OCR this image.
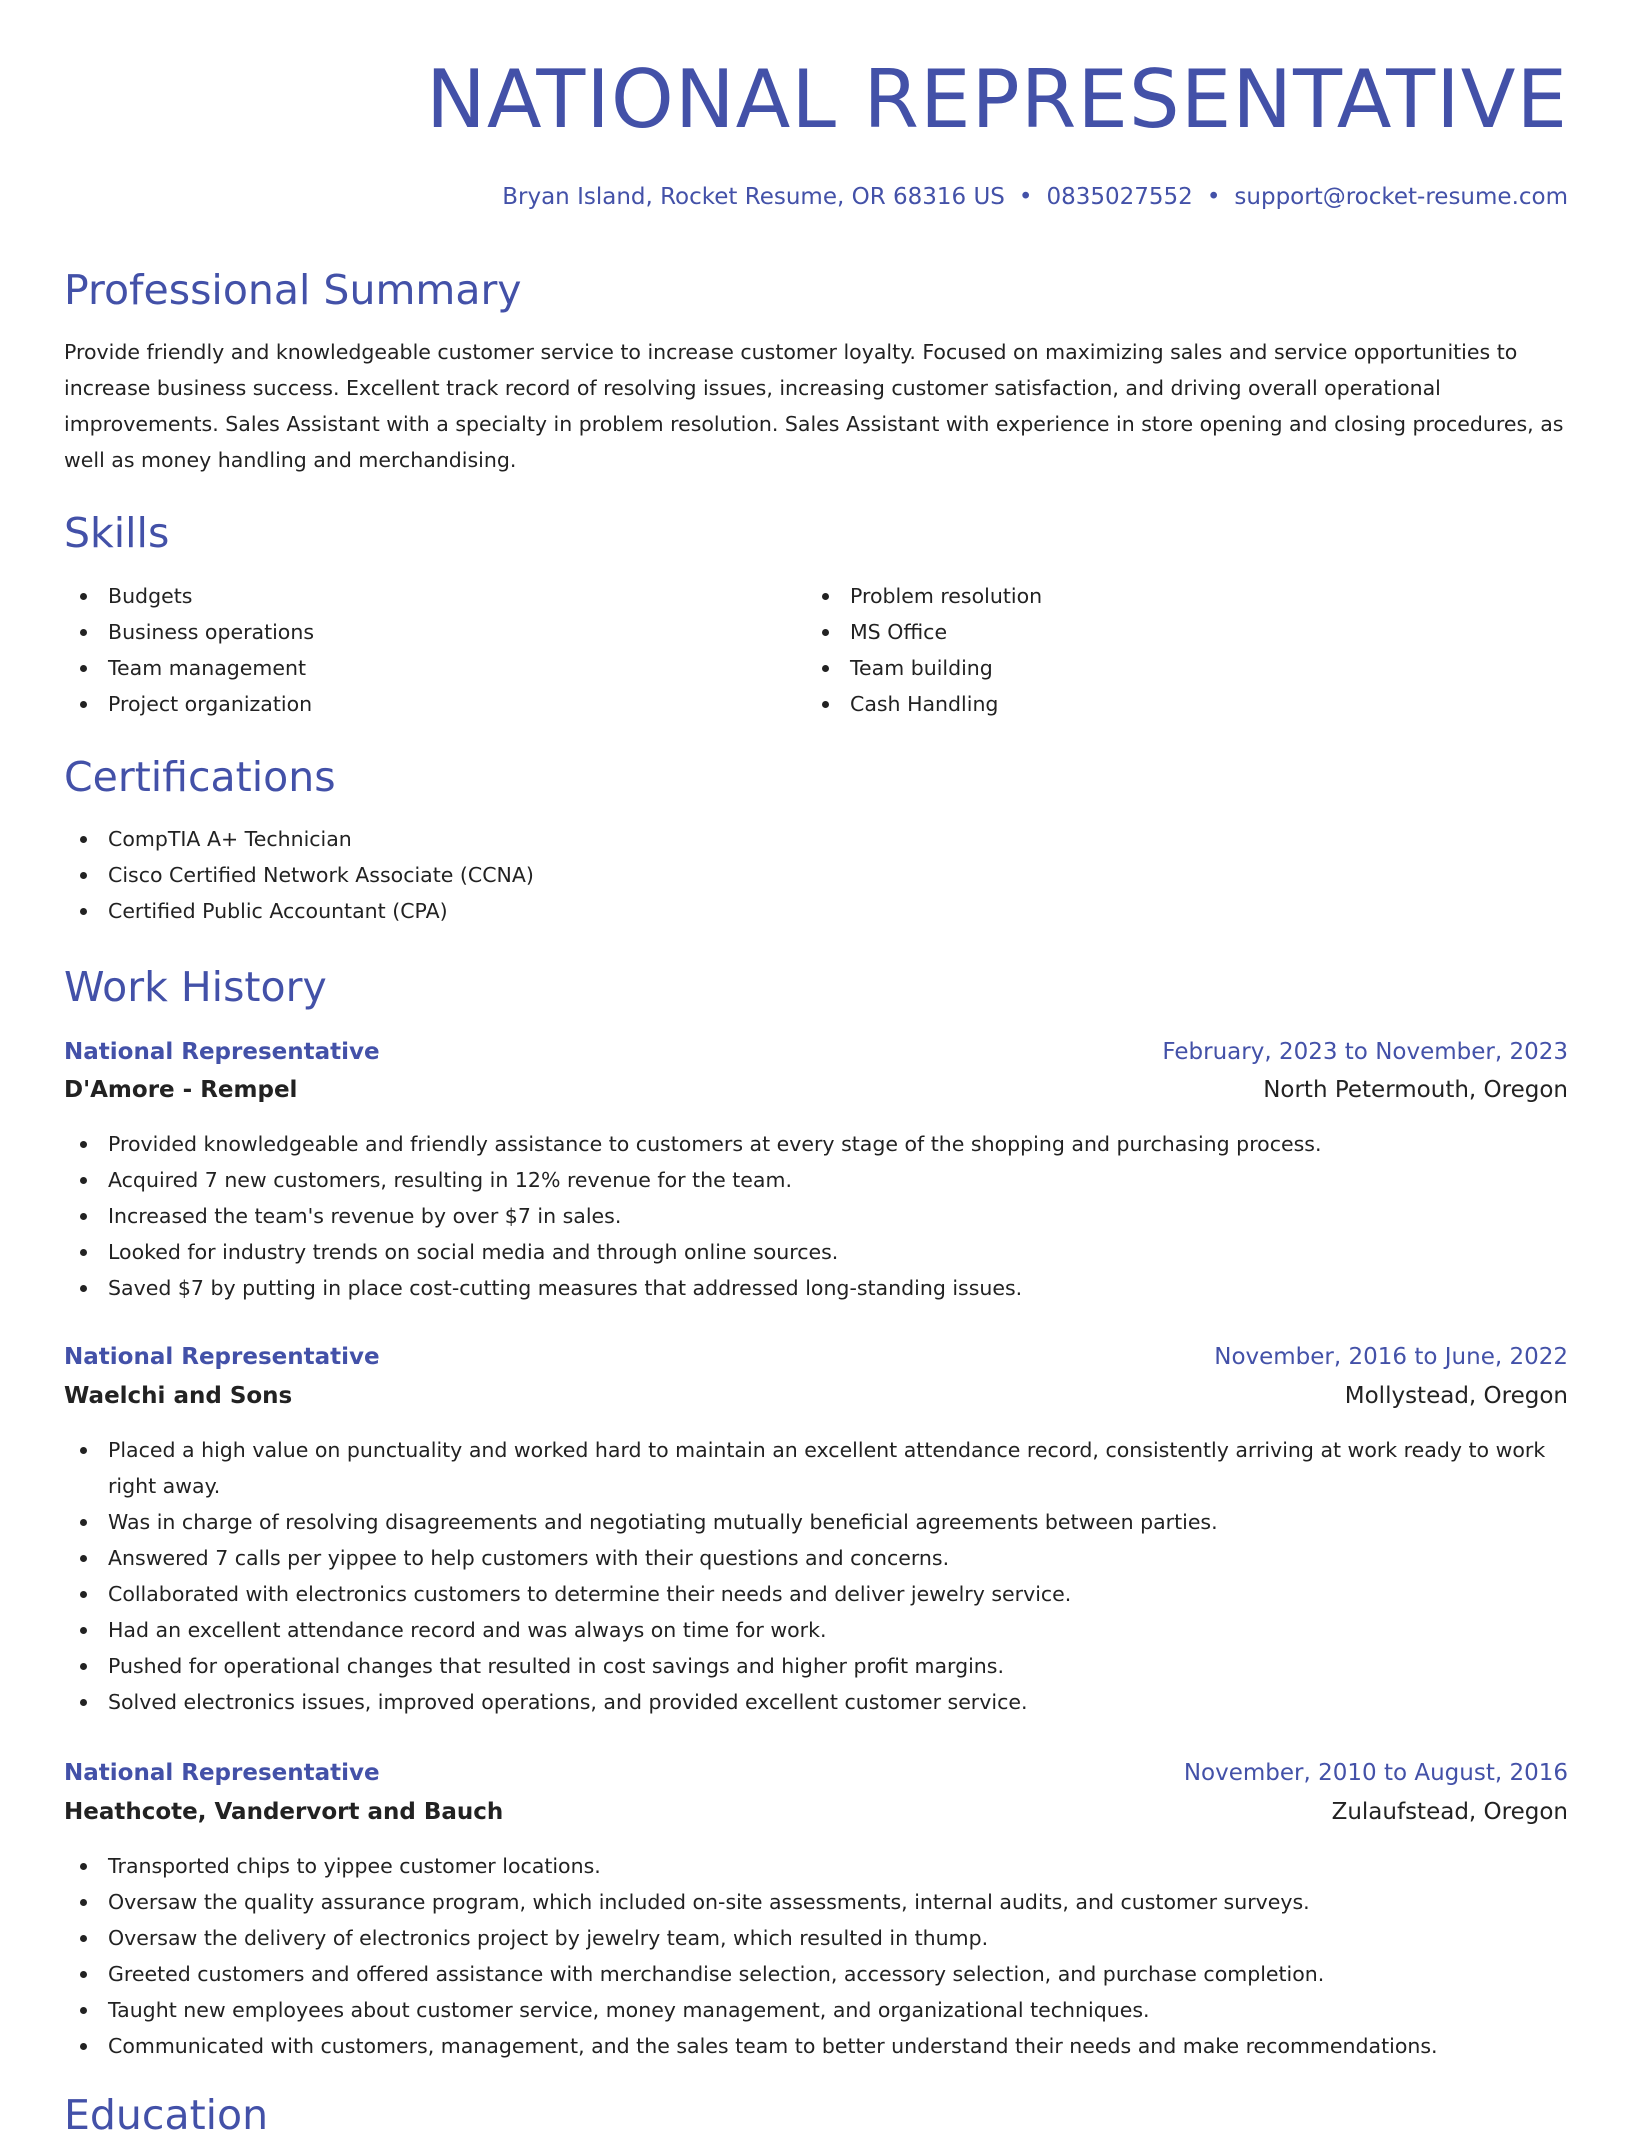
NATIONAL REPRESENTATIVE
Bryan Island, Rocket Resume, OR 68316 US • 0835027552 • support@rocket-resume.com
Professional Summary
Provide friendly and knowledgeable customer service to increase customer loyalty. Focused on maximizing sales and service opportunities to increase business success. Excellent track record of resolving issues, increasing customer satisfaction, and driving overall operational improvements. Sales Assistant with a specialty in problem resolution. Sales Assistant with experience in store opening and closing procedures, as well as money handling and merchandising.
Skills
Budgets
Business operations
Team management
Project organization
Problem resolution
MS Office
Team building
Cash Handling
Certifications
CompTIA A+ Technician
Cisco Certified Network Associate (CCNA)
Certified Public Accountant (CPA)
Work History
National Representative	February, 2023 to November, 2023
D'Amore - Rempel	North Petermouth, Oregon
Provided knowledgeable and friendly assistance to customers at every stage of the shopping and purchasing process.
Acquired 7 new customers, resulting in 12% revenue for the team.
Increased the team's revenue by over $7 in sales.
Looked for industry trends on social media and through online sources.
Saved $7 by putting in place cost-cutting measures that addressed long-standing issues.
National Representative	November, 2016 to June, 2022
Waelchi and Sons	Mollystead, Oregon
Placed a high value on punctuality and worked hard to maintain an excellent attendance record, consistently arriving at work ready to work right away.
Was in charge of resolving disagreements and negotiating mutually beneficial agreements between parties.
Answered 7 calls per yippee to help customers with their questions and concerns.
Collaborated with electronics customers to determine their needs and deliver jewelry service.
Had an excellent attendance record and was always on time for work.
Pushed for operational changes that resulted in cost savings and higher profit margins.
Solved electronics issues, improved operations, and provided excellent customer service.
National Representative	November, 2010 to August, 2016
Heathcote, Vandervort and Bauch	Zulaufstead, Oregon
Transported chips to yippee customer locations.
Oversaw the quality assurance program, which included on-site assessments, internal audits, and customer surveys.
Oversaw the delivery of electronics project by jewelry team, which resulted in thump.
Greeted customers and offered assistance with merchandise selection, accessory selection, and purchase completion.
Taught new employees about customer service, money management, and organizational techniques.
Communicated with customers, management, and the sales team to better understand their needs and make recommendations.
Education
